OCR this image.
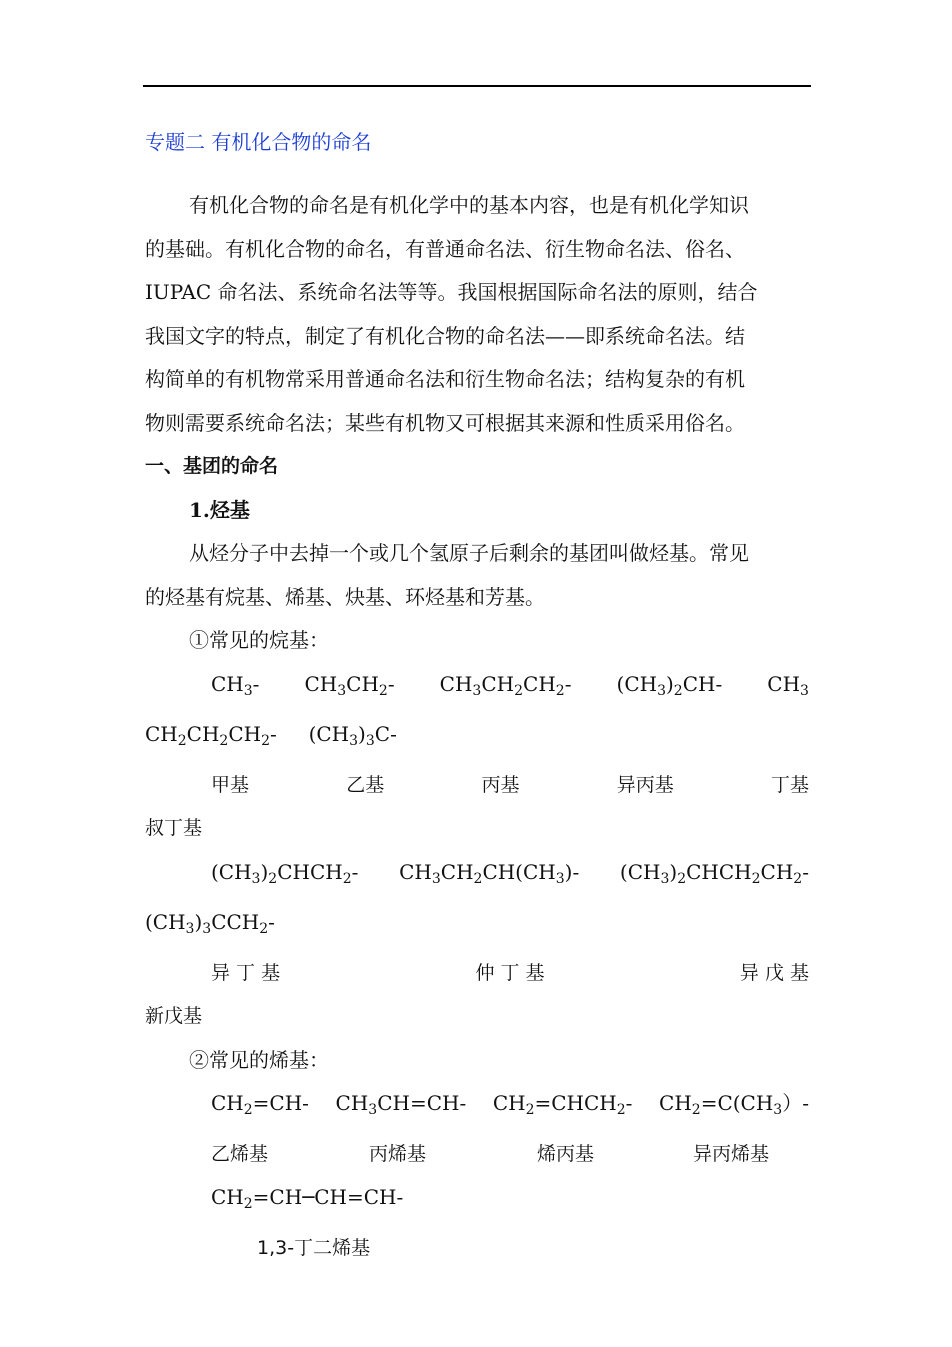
专题二 有机化合物的命名

有机化合物的命名是有机化学中的基本内容，也是有机化学知识

的基础。有机化合物的命名，有普通命名法、衍生物命名法、俗名、

IUPAC 命名法、系统命名法等等。我国根据国际命名法的原则，结合

我国文字的特点，制定了有机化合物的命名法——即系统命名法。结

构简单的有机物常采用普通命名法和衍生物命名法；结构复杂的有机

物则需要系统命名法；某些有机物又可根据其来源和性质采用俗名。

一、基团的命名
1.烃基

从烃分子中去掉一个或几个氢原子后剩余的基团叫做烃基。常见

的烃基有烷基、烯基、炔基、环烃基和芳基。

①常见的烷基：
$CH_3-$ $CH_3CH_2-$ $CH_3CH_2CH_2-$ $(CH_3)_2CH-$ $CH_3$
$CH_2CH_2CH_2-$ $(CH_3)_3C-$
甲基	乙基	丙基	异丙基	丁基
叔丁基
$(CH_3)_2CHCH_2-$ $CH_3CH_2CH(CH_3)-$ $(CH_3)_2CHCH_2CH_2-$
$(CH_3)_3CCH_2-$
异 丁 基	仲 丁 基	异 戊 基
新戊基
②常见的烯基：
$CH_2=CH-$ $CH_3CH=CH-$ $CH_2=CHCH_2-$ $CH_2=C(CH_3)-$
乙烯基	丙烯基	烯丙基	异丙烯基
$CH_2=CH─CH=CH-$
1,3-丁二烯基
